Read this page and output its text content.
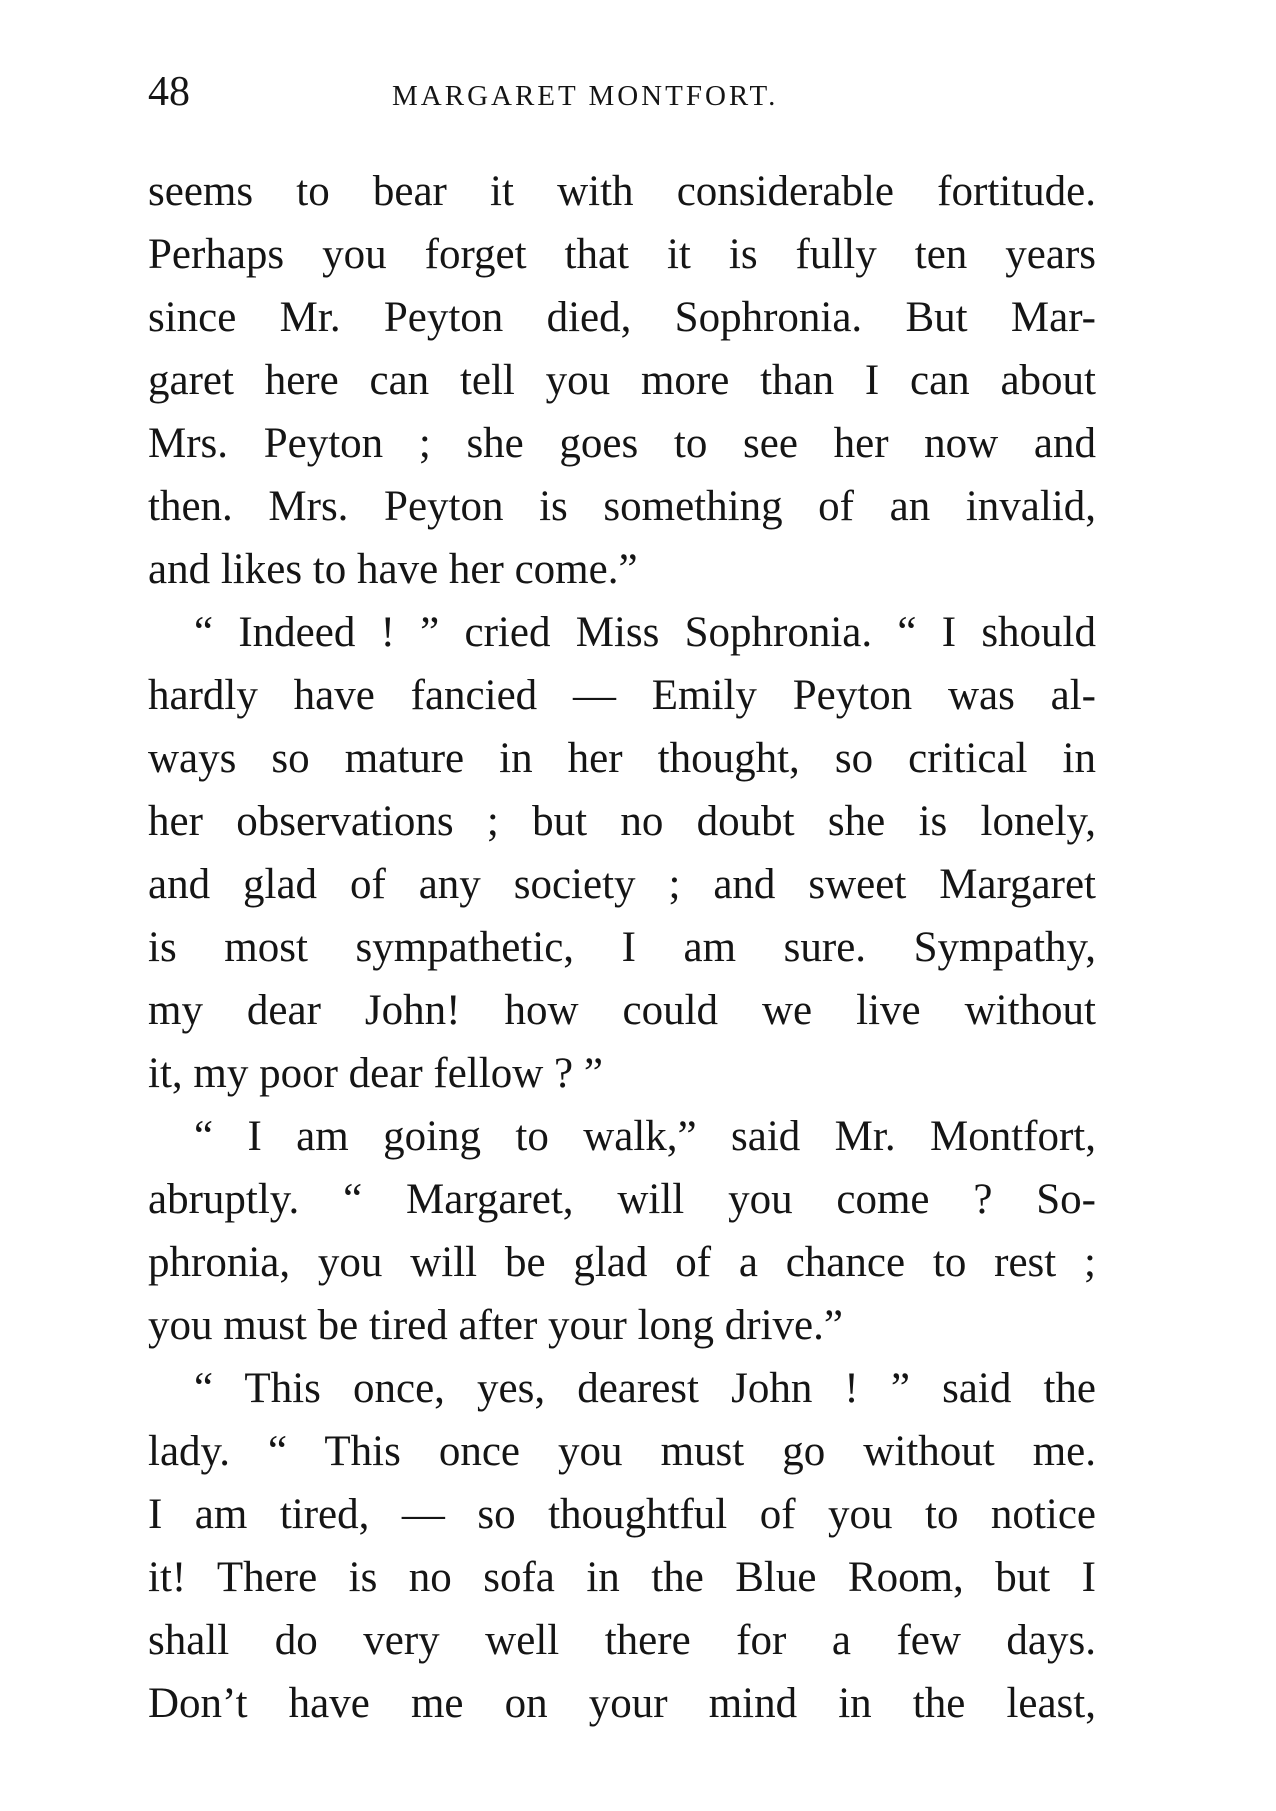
48	MARGARET MONTFORT.
seems to bear it with considerable fortitude.
Perhaps you forget that it is fully ten years
since Mr. Peyton died, Sophronia. But Mar-
garet here can tell you more than I can about
Mrs. Peyton ; she goes to see her now and
then. Mrs. Peyton is something of an invalid,
and likes to have her come.”
“ Indeed ! ” cried Miss Sophronia. “ I should
hardly have fancied — Emily Peyton was al-
ways so mature in her thought, so critical in
her observations ; but no doubt she is lonely,
and glad of any society ; and sweet Margaret
is most sympathetic, I am sure. Sympathy,
my dear John! how could we live without
it, my poor dear fellow ? ”
“ I am going to walk,” said Mr. Montfort,
abruptly. “ Margaret, will you come ? So-
phronia, you will be glad of a chance to rest ;
you must be tired after your long drive.”
“ This once, yes, dearest John ! ” said the
lady. “ This once you must go without me.
I am tired, — so thoughtful of you to notice
it! There is no sofa in the Blue Room, but I
shall do very well there for a few days.
Don’t have me on your mind in the least,
